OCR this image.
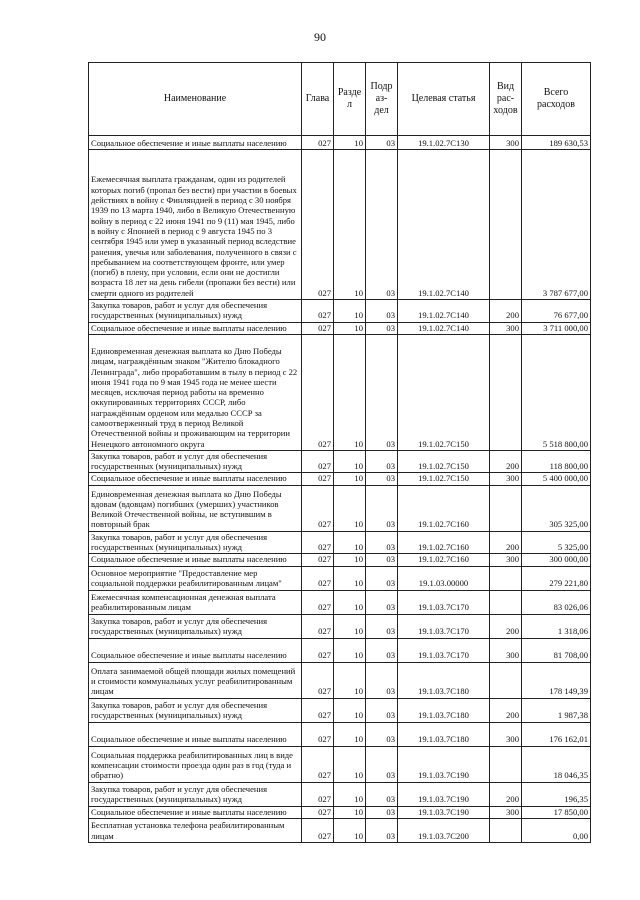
90
Наименование	Глава	Разде л	Подр аз- дел	Целевая статья	Вид рас- ходов	Всего расходов
Социальное обеспечение и иные выплаты населению	027	10	03	19.1.02.7С130	300	189 630,53
Ежемесячная выплата гражданам, один из родителей которых погиб (пропал без вести) при участии в боевых действиях в войну с Финляндией в период с 30 ноября 1939 по 13 марта 1940, либо в Великую Отечественную войну в период с 22 июня 1941 по 9 (11) мая 1945, либо в войну с Японией в период с 9 августа 1945 по 3 сентября 1945 или умер в указанный период вследствие ранения, увечья или заболевания, полученного в связи с пребыванием на соответствующем фронте, или умер (погиб) в плену, при условии, если они не достигли возраста 18 лет на день гибели (пропажи без вести) или смерти одного из родителей	027	10	03	19.1.02.7С140		3 787 677,00
Закупка товаров, работ и услуг для обеспечения государственных (муниципальных) нужд	027	10	03	19.1.02.7С140	200	76 677,00
Социальное обеспечение и иные выплаты населению	027	10	03	19.1.02.7С140	300	3 711 000,00
Единовременная денежная выплата ко Дню Победы лицам, награждённым знаком "Жителю блокадного Ленинграда", либо проработавшим в тылу в период с 22 июня 1941 года по 9 мая 1945 года не менее шести месяцев, исключая период работы на временно оккупированных территориях СССР, либо награждённым орденом или медалью СССР за самоотверженный труд в период Великой Отечественной войны и проживающим на территории Ненецкого автономного округа	027	10	03	19.1.02.7С150		5 518 800,00
Закупка товаров, работ и услуг для обеспечения государственных (муниципальных) нужд	027	10	03	19.1.02.7С150	200	118 800,00
Социальное обеспечение и иные выплаты населению	027	10	03	19.1.02.7С150	300	5 400 000,00
Единовременная денежная выплата ко Дню Победы вдовам (вдовцам) погибших (умерших) участников Великой Отечественной войны, не вступившим в повторный брак	027	10	03	19.1.02.7С160		305 325,00
Закупка товаров, работ и услуг для обеспечения государственных (муниципальных) нужд	027	10	03	19.1.02.7С160	200	5 325,00
Социальное обеспечение и иные выплаты населению	027	10	03	19.1.02.7С160	300	300 000,00
Основное мероприятие "Предоставление мер социальной поддержки реабилитированным лицам"	027	10	03	19.1.03.00000		279 221,80
Ежемесячная компенсационная денежная выплата реабилитированным лицам	027	10	03	19.1.03.7С170		83 026,06
Закупка товаров, работ и услуг для обеспечения государственных (муниципальных) нужд	027	10	03	19.1.03.7С170	200	1 318,06
Социальное обеспечение и иные выплаты населению	027	10	03	19.1.03.7С170	300	81 708,00
Оплата занимаемой общей площади жилых помещений и стоимости коммунальных услуг реабилитированным лицам	027	10	03	19.1.03.7С180		178 149,39
Закупка товаров, работ и услуг для обеспечения государственных (муниципальных) нужд	027	10	03	19.1.03.7С180	200	1 987,38
Социальное обеспечение и иные выплаты населению	027	10	03	19.1.03.7С180	300	176 162,01
Социальная поддержка реабилитированных лиц в виде компенсации стоимости проезда один раз в год (туда и обратно)	027	10	03	19.1.03.7С190		18 046,35
Закупка товаров, работ и услуг для обеспечения государственных (муниципальных) нужд	027	10	03	19.1.03.7С190	200	196,35
Социальное обеспечение и иные выплаты населению	027	10	03	19.1.03.7С190	300	17 850,00
Бесплатная установка телефона реабилитированным лицам	027	10	03	19.1.03.7С200		0,00
